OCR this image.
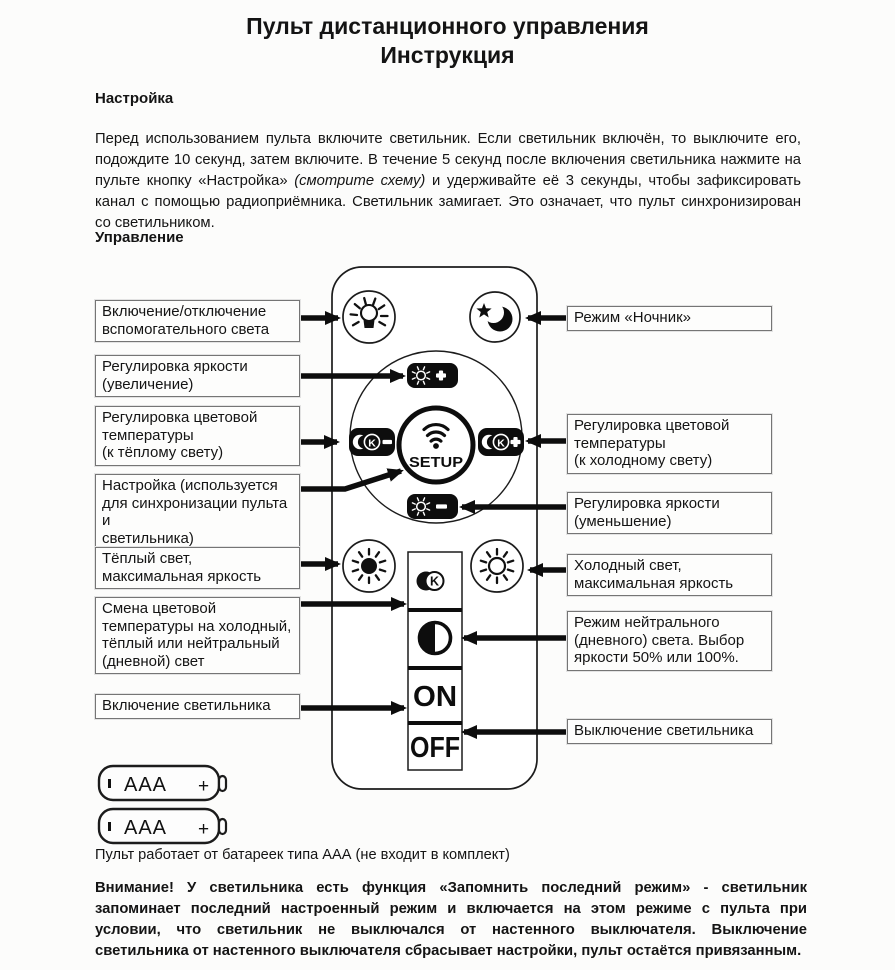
Пульт дистанционного управления
Инструкция
Настройка
Перед использованием пульта включите светильник. Если светильник включён, то выключите его, подождите 10 секунд, затем включите. В течение 5 секунд после включения светильника нажмите на пульте кнопку «Настройка» (смотрите схему) и удерживайте её 3 секунды, чтобы зафиксировать канал с помощью радиоприёмника. Светильник замигает. Это означает, что пульт синхронизирован со светильником.
Управление
K
SETUP
K
K
ON
OFF
AAA +
AAA +
Включение/отключение
вспомогательного света
Регулировка яркости
(увеличение)
Регулировка цветовой
температуры
(к тёплому свету)
Настройка (используется
для синхронизации пульта и
светильника)
Тёплый свет,
максимальная яркость
Смена цветовой
температуры на холодный,
тёплый или нейтральный
(дневной) свет
Включение светильника
Режим «Ночник»
Регулировка цветовой
температуры
(к холодному свету)
Регулировка яркости
(уменьшение)
Холодный свет,
максимальная яркость
Режим нейтрального
(дневного) света. Выбор
яркости 50% или 100%.
Выключение светильника
Пульт работает от батареек типа ААА (не входит в комплект)
Внимание! У светильника есть функция «Запомнить последний режим» - светильник запоминает последний настроенный режим и включается на этом режиме с пульта при условии, что светильник не выключался от настенного выключателя. Выключение светильника от настенного выключателя сбрасывает настройки, пульт остаётся привязанным.
